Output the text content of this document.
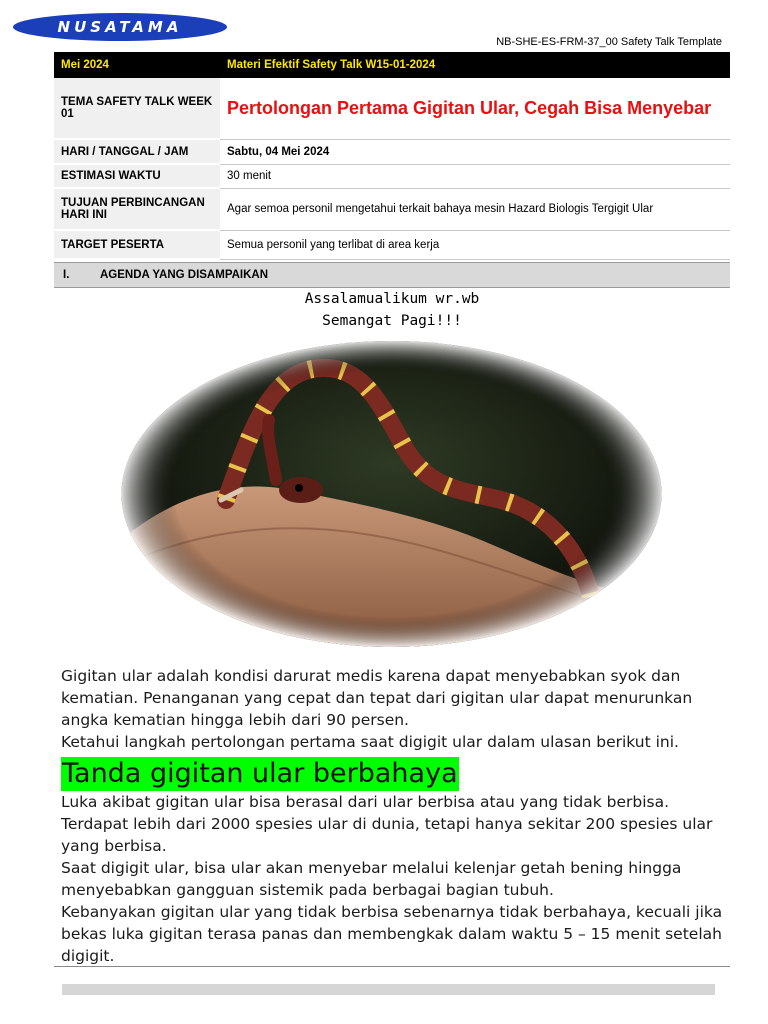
NUSATAMA
NB-SHE-ES-FRM-37_00 Safety Talk Template
Mei 2024	Materi Efektif Safety Talk W15-01-2024
TEMA SAFETY TALK WEEK 01	Pertolongan Pertama Gigitan Ular, Cegah Bisa Menyebar
HARI / TANGGAL / JAM	Sabtu, 04 Mei 2024
ESTIMASI WAKTU	30 menit
TUJUAN PERBINCANGAN HARI INI	Agar semoa personil mengetahui terkait bahaya mesin Hazard Biologis Tergigit Ular
TARGET PESERTA	Semua personil yang terlibat di area kerja
I.	AGENDA YANG DISAMPAIKAN
Assalamualikum wr.wb
Semangat Pagi!!!

Gigitan ular adalah kondisi darurat medis karena dapat menyebabkan syok dan kematian. Penanganan yang cepat dan tepat dari gigitan ular dapat menurunkan angka kematian hingga lebih dari 90 persen.

Ketahui langkah pertolongan pertama saat digigit ular dalam ulasan berikut ini.

Tanda gigitan ular berbahaya

Luka akibat gigitan ular bisa berasal dari ular berbisa atau yang tidak berbisa.

Terdapat lebih dari 2000 spesies ular di dunia, tetapi hanya sekitar 200 spesies ular yang berbisa.

Saat digigit ular, bisa ular akan menyebar melalui kelenjar getah bening hingga menyebabkan gangguan sistemik pada berbagai bagian tubuh.

Kebanyakan gigitan ular yang tidak berbisa sebenarnya tidak berbahaya, kecuali jika bekas luka gigitan terasa panas dan membengkak dalam waktu 5 – 15 menit setelah digigit.
